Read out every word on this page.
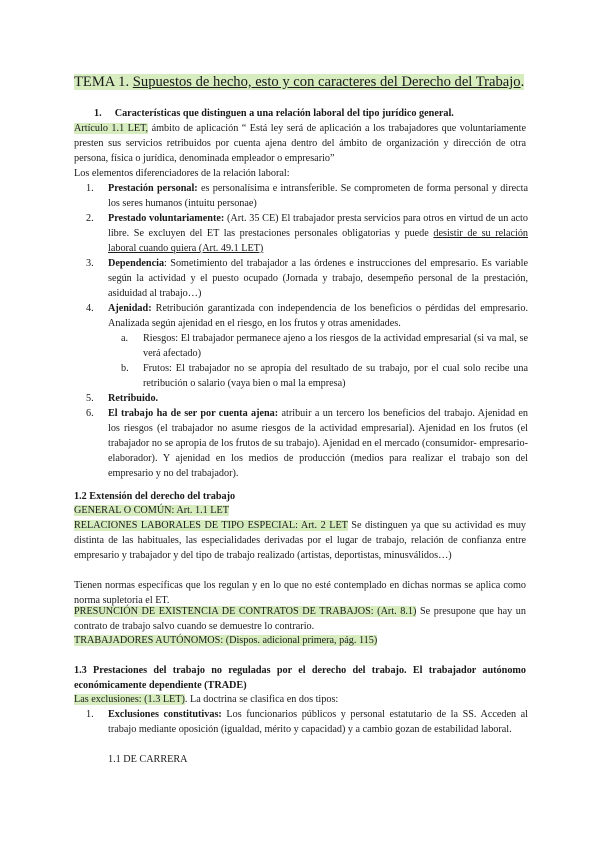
TEMA 1. Supuestos de hecho, esto y con caracteres del Derecho del Trabajo.
1. Características que distinguen a una relación laboral del tipo jurídico general.
Artículo 1.1 LET, ámbito de aplicación “ Está ley será de aplicación a los trabajadores que voluntariamente presten sus servicios retribuidos por cuenta ajena dentro del ámbito de organización y dirección de otra persona, física o jurídica, denominada empleador o empresario”
Los elementos diferenciadores de la relación laboral:
1. Prestación personal: es personalísima e intransferible. Se comprometen de forma personal y directa los seres humanos (intuitu personae)
2. Prestado voluntariamente: (Art. 35 CE) El trabajador presta servicios para otros en virtud de un acto libre. Se excluyen del ET las prestaciones personales obligatorias y puede desistir de su relación laboral cuando quiera (Art. 49.1 LET)
3. Dependencia: Sometimiento del trabajador a las órdenes e instrucciones del empresario. Es variable según la actividad y el puesto ocupado (Jornada y trabajo, desempeño personal de la prestación, asiduidad al trabajo…)
4. Ajenidad: Retribución garantizada con independencia de los beneficios o pérdidas del empresario. Analizada según ajenidad en el riesgo, en los frutos y otras amenidades.
a. Riesgos: El trabajador permanece ajeno a los riesgos de la actividad empresarial (si va mal, se verá afectado)
b. Frutos: El trabajador no se apropia del resultado de su trabajo, por el cual solo recibe una retribución o salario (vaya bien o mal la empresa)
5. Retribuido.
6. El trabajo ha de ser por cuenta ajena: atribuir a un tercero los beneficios del trabajo. Ajenidad en los riesgos (el trabajador no asume riesgos de la actividad empresarial). Ajenidad en los frutos (el trabajador no se apropia de los frutos de su trabajo). Ajenidad en el mercado (consumidor- empresario- elaborador). Y ajenidad en los medios de producción (medios para realizar el trabajo son del empresario y no del trabajador).
1.2 Extensión del derecho del trabajo
GENERAL O COMÚN: Art. 1.1 LET
RELACIONES LABORALES DE TIPO ESPECIAL: Art. 2 LET Se distinguen ya que su actividad es muy distinta de las habituales, las especialidades derivadas por el lugar de trabajo, relación de confianza entre empresario y trabajador y del tipo de trabajo realizado (artistas, deportistas, minusválidos…)
Tienen normas específicas que los regulan y en lo que no esté contemplado en dichas normas se aplica como norma supletoria el ET.
PRESUNCIÓN DE EXISTENCIA DE CONTRATOS DE TRABAJOS: (Art. 8.1) Se presupone que hay un contrato de trabajo salvo cuando se demuestre lo contrario.
TRABAJADORES AUTÓNOMOS: (Dispos. adicional primera, pág. 115)
1.3 Prestaciones del trabajo no reguladas por el derecho del trabajo. El trabajador autónomo económicamente dependiente (TRADE)
Las exclusiones: (1.3 LET). La doctrina se clasifica en dos tipos:
1. Exclusiones constitutivas: Los funcionarios públicos y personal estatutario de la SS. Acceden al trabajo mediante oposición (igualdad, mérito y capacidad) y a cambio gozan de estabilidad laboral.
1.1 DE CARRERA
